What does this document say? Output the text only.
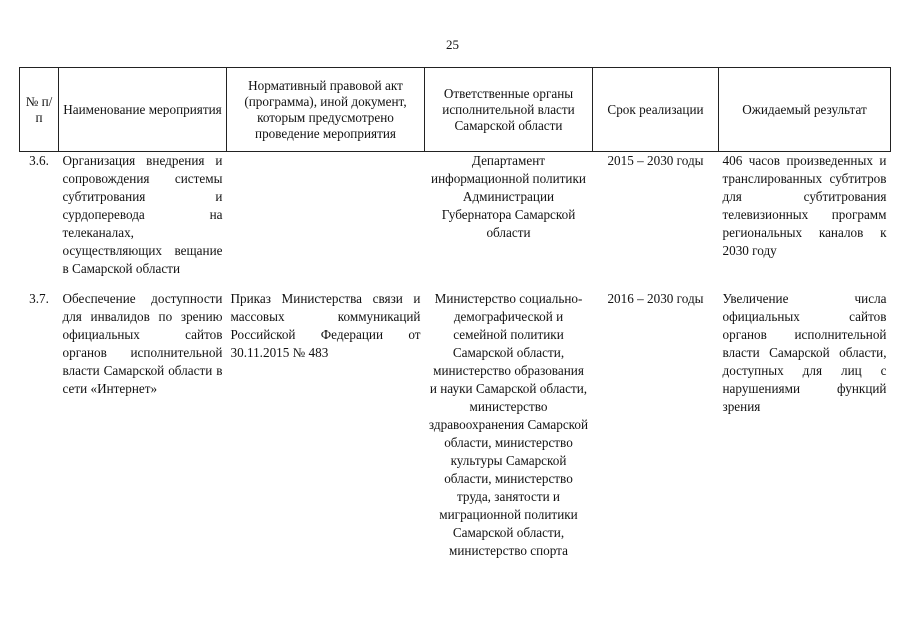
25
№ п/п	Наименование мероприятия	Нормативный правовой акт (программа), иной документ, которым предусмотрено проведение мероприятия	Ответственные органы исполнительной власти Самарской области	Срок реализации	Ожидаемый результат
3.6.	Организация внедрения и сопровождения системы субтитрования и сурдоперевода на телеканалах, осуществляющих вещание в Самарской области		Департамент информационной политики Администрации Губернатора Самарской области	2015 – 2030 годы	406 часов произведенных и транслированных субтитров для субтитрования телевизионных программ региональных каналов к 2030 году
3.7.	Обеспечение доступности для инвалидов по зрению официальных сайтов органов исполнительной власти Самарской области в сети «Интернет»	Приказ Министерства связи и массовых коммуникаций Российской Федерации от 30.11.2015 № 483	Министерство социально-демографической и семейной политики Самарской области, министерство образования и науки Самарской области, министерство здравоохранения Самарской области, министерство культуры Самарской области, министерство труда, занятости и миграционной политики Самарской области, министерство спорта	2016 – 2030 годы	Увеличение числа официальных сайтов органов исполнительной власти Самарской области, доступных для лиц с нарушениями функций зрения
